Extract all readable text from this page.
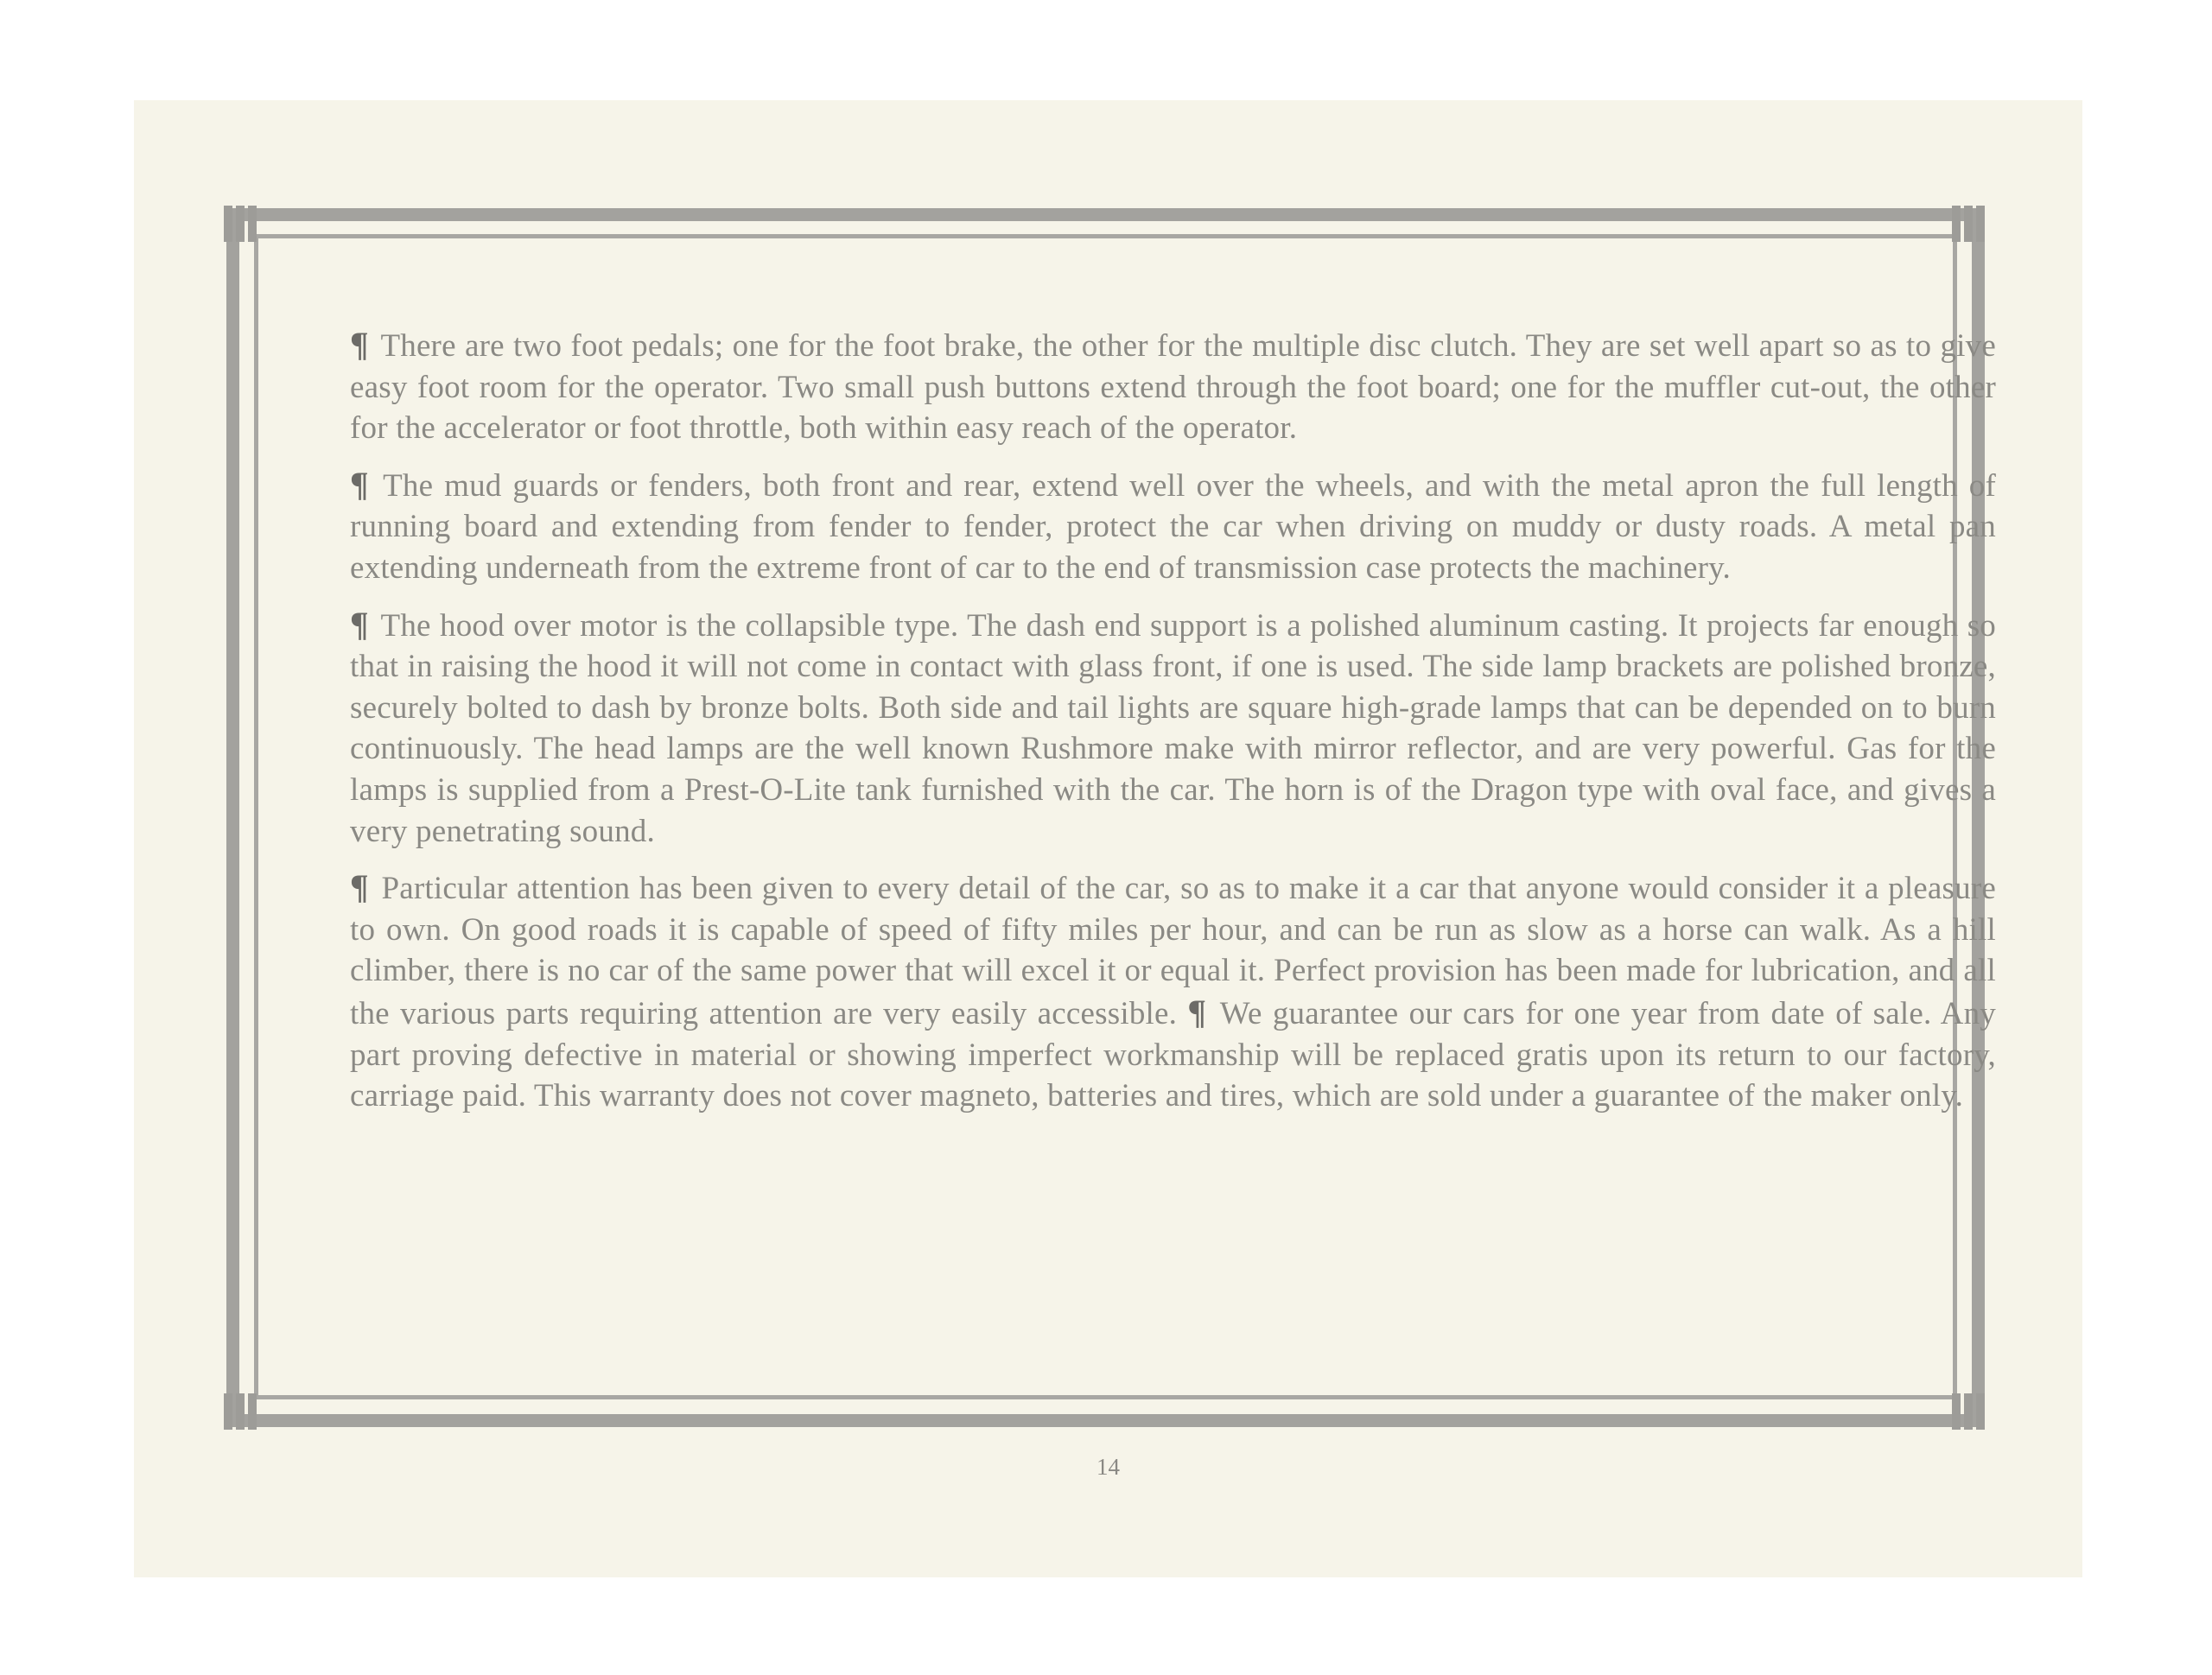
¶ There are two foot pedals; one for the foot brake, the other for the multiple disc clutch. They are set well apart so as to give easy foot room for the operator. Two small push buttons extend through the foot board; one for the muffler cut-out, the other for the accelerator or foot throttle, both within easy reach of the operator.

¶ The mud guards or fenders, both front and rear, extend well over the wheels, and with the metal apron the full length of running board and extending from fender to fender, protect the car when driving on muddy or dusty roads. A metal pan extending underneath from the extreme front of car to the end of transmission case protects the machinery.

¶ The hood over motor is the collapsible type. The dash end support is a polished aluminum casting. It projects far enough so that in raising the hood it will not come in contact with glass front, if one is used. The side lamp brackets are polished bronze, securely bolted to dash by bronze bolts. Both side and tail lights are square high-grade lamps that can be depended on to burn continuously. The head lamps are the well known Rushmore make with mirror reflector, and are very powerful. Gas for the lamps is supplied from a Prest-O-Lite tank furnished with the car. The horn is of the Dragon type with oval face, and gives a very penetrating sound.

¶ Particular attention has been given to every detail of the car, so as to make it a car that anyone would consider it a pleasure to own. On good roads it is capable of speed of fifty miles per hour, and can be run as slow as a horse can walk. As a hill climber, there is no car of the same power that will excel it or equal it. Perfect provision has been made for lubrication, and all the various parts requiring attention are very easily accessible. ¶ We guarantee our cars for one year from date of sale. Any part proving defective in material or showing imperfect workmanship will be replaced gratis upon its return to our factory, carriage paid. This warranty does not cover magneto, batteries and tires, which are sold under a guarantee of the maker only.

14
